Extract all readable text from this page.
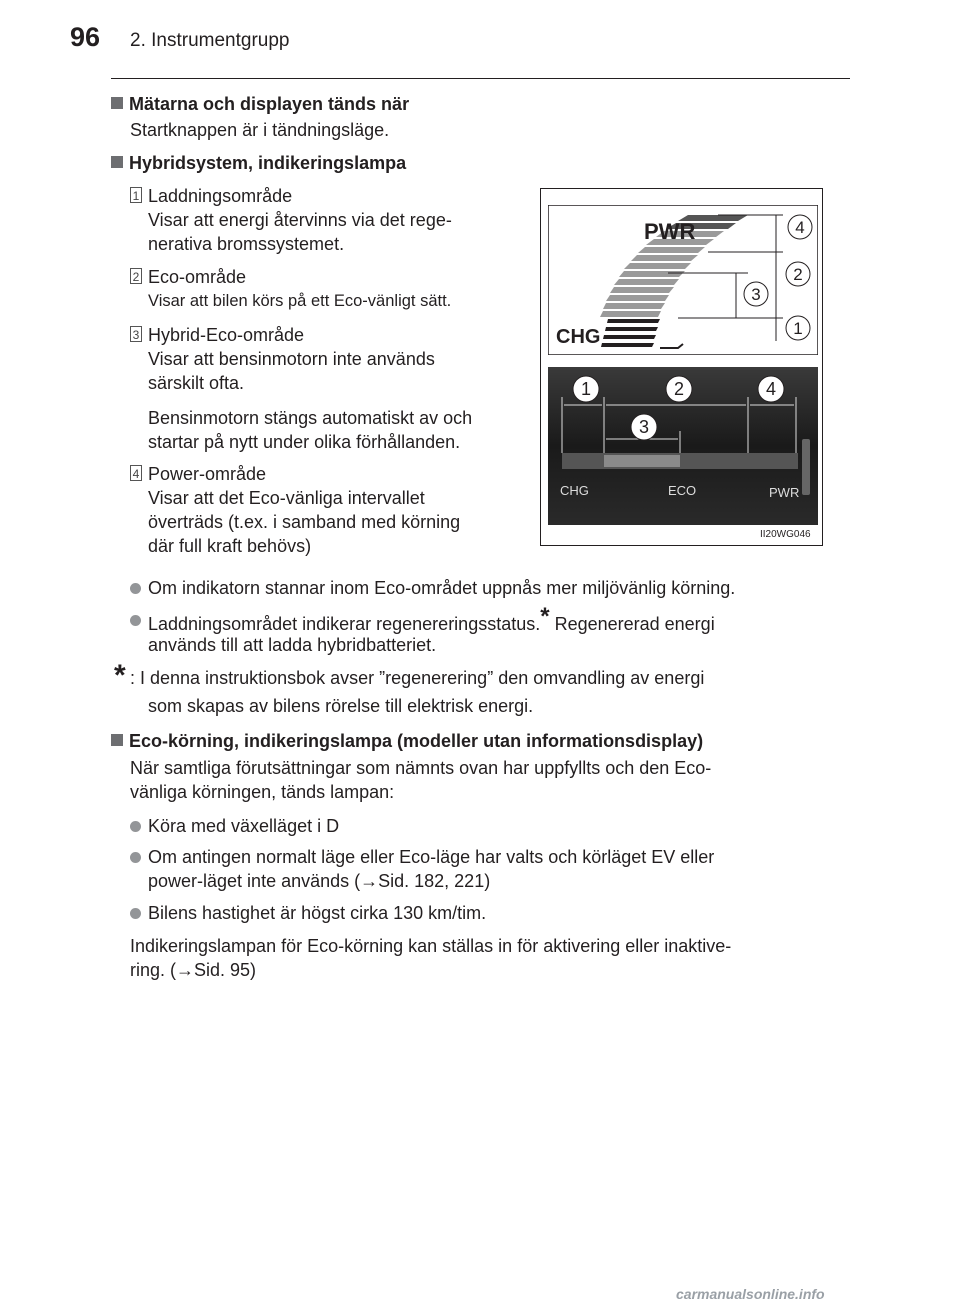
96 2. Instrumentgrupp
Mätarna och displayen tänds när
Startknappen är i tändningsläge.
Hybridsystem, indikeringslampa
1 Laddningsområde
Visar att energi återvinns via det rege-
nerativa bromssystemet.
2 Eco-område
Visar att bilen körs på ett Eco-vänligt sätt.
3 Hybrid-Eco-område
Visar att bensinmotorn inte används
särskilt ofta.
Bensinmotorn stängs automatiskt av och
startar på nytt under olika förhållanden.
4 Power-område
Visar att det Eco-vänliga intervallet
överträds (t.ex. i samband med körning
där full kraft behövs)
PWR
CHG
4
2
3
1
1	2	4
3
CHG	ECO	PWR
II20WG046
Om indikatorn stannar inom Eco-området uppnås mer miljövänlig körning.
Laddningsområdet indikerar regenereringsstatus.* Regenererad energi
används till att ladda hybridbatteriet.
* : I denna instruktionsbok avser ”regenerering” den omvandling av energi
som skapas av bilens rörelse till elektrisk energi.
Eco-körning, indikeringslampa (modeller utan informationsdisplay)
När samtliga förutsättningar som nämnts ovan har uppfyllts och den Eco-
vänliga körningen, tänds lampan:
Köra med växelläget i D
Om antingen normalt läge eller Eco-läge har valts och körläget EV eller
power-läget inte används (→Sid. 182, 221)
Bilens hastighet är högst cirka 130 km/tim.
Indikeringslampan för Eco-körning kan ställas in för aktivering eller inaktive-
ring. (→Sid. 95)
carmanualsonline.info
